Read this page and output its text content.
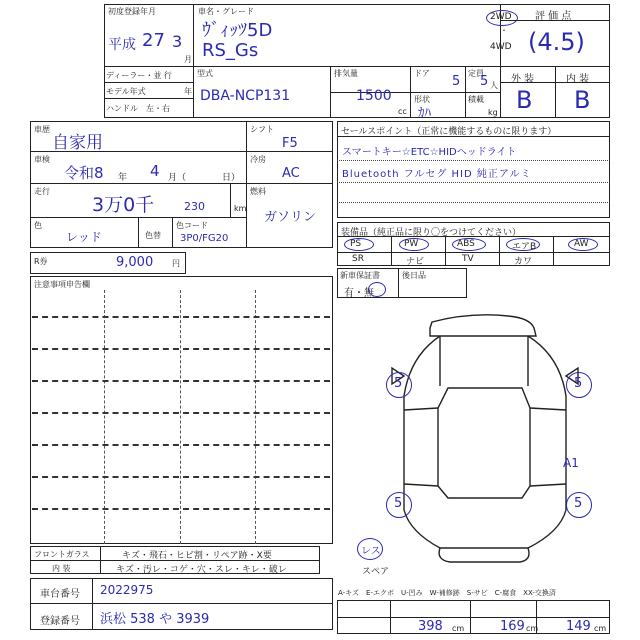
初度登録年月
平成 27 3
月
車名・グレード
ｳﾞｨｯﾂ5D
RS_Gs
2WD
・
4WD
評 価 点
(4.5)
ディーラー・並 行
モデル年式	年
ハンドル　左・右
型式
DBA-NCP131
排気量
1500
cc
ドア
5
定員
5 人
形状
ｶﾊ
積載
kg
外 装	内 装
B B
車歴
自家用
車検
令和8 年 4 月（	日）
シフト
F5
冷房
AC
燃料
ガソリン
走行
3万0千	230	km
色
レッド	色替
色コード
3P0/FG20
R券	9,000 円
注意事項申告欄
セールスポイント（正常に機能するものに限ります）
スマートキー☆ETC☆HIDヘッドライト
Bluetooth フルセグ HID 純正アルミ
装備品（純正品に限り〇をつけてください）
PS	PW	ABS	エアB	AW
SR	ナビ	TV	カワ
新車保証書
有・無
後日品
5	5
5	5
A1
レス
スペア
フロントガラス	キズ・飛石・ヒビ割・リペア跡・X要
内 装	キズ・汚レ・コゲ・穴・スレ・キレ・破レ
車台番号 2022975
登録番号 浜松 538 や 3939
A-キズ　E-エクボ　U-凹み　W-補修跡　S-サビ　C-腐食　XX-交換済
398 cm	169 cm 149 cm
